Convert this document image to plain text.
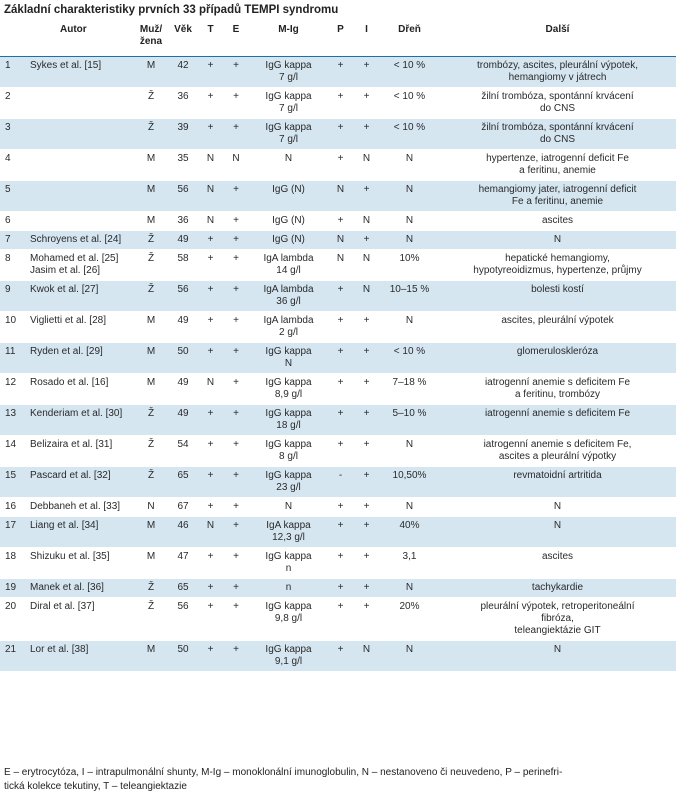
Základní charakteristiky prvních 33 případů TEMPI syndromu
	Autor	Muž/
žena	Věk	T	E	M-Ig	P	I	Dřeň	Další
1	Sykes et al. [15]	M	42	+	+	IgG kappa
7 g/l	+	+	< 10 %	trombózy, ascites, pleurální výpotek,
hemangiomy v játrech
2		Ž	36	+	+	IgG kappa
7 g/l	+	+	< 10 %	žilní trombóza, spontánní krvácení
do CNS
3		Ž	39	+	+	IgG kappa
7 g/l	+	+	< 10 %	žilní trombóza, spontánní krvácení
do CNS
4		M	35	N	N	N	+	N	N	hypertenze, iatrogenní deficit Fe
a feritinu, anemie
5		M	56	N	+	IgG (N)	N	+	N	hemangiomy jater, iatrogenní deficit
Fe a feritinu, anemie
6		M	36	N	+	IgG (N)	+	N	N	ascites
7	Schroyens et al. [24]	Ž	49	+	+	IgG (N)	N	+	N	N
8	Mohamed et al. [25]
Jasim et al. [26]	Ž	58	+	+	IgA lambda
14 g/l	N	N	10%	hepatické hemangiomy,
hypotyreoidizmus, hypertenze, průjmy
9	Kwok et al. [27]	Ž	56	+	+	IgA lambda
36 g/l	+	N	10–15 %	bolesti kostí
10	Viglietti et al. [28]	M	49	+	+	IgA lambda
2 g/l	+	+	N	ascites, pleurální výpotek
11	Ryden et al. [29]	M	50	+	+	IgG kappa
N	+	+	< 10 %	glomeruloskleróza
12	Rosado et al. [16]	M	49	N	+	IgG kappa
8,9 g/l	+	+	7–18 %	iatrogenní anemie s deficitem Fe
a feritinu, trombózy
13	Kenderiam et al. [30]	Ž	49	+	+	IgG kappa
18 g/l	+	+	5–10 %	iatrogenní anemie s deficitem Fe
14	Belizaira et al. [31]	Ž	54	+	+	IgG kappa
8 g/l	+	+	N	iatrogenní anemie s deficitem Fe,
ascites a pleurální výpotky
15	Pascard et al. [32]	Ž	65	+	+	IgG kappa
23 g/l	-	+	10,50%	revmatoidní artritida
16	Debbaneh et al. [33]	N	67	+	+	N	+	+	N	N
17	Liang et al. [34]	M	46	N	+	IgA kappa
12,3 g/l	+	+	40%	N
18	Shizuku et al. [35]	M	47	+	+	IgG kappa
n	+	+	3,1	ascites
19	Manek et al. [36]	Ž	65	+	+	n	+	+	N	tachykardie
20	Diral et al. [37]	Ž	56	+	+	IgG kappa
9,8 g/l	+	+	20%	pleurální výpotek, retroperitoneální
fibróza,
teleangiektázie GIT
21	Lor et al. [38]	M	50	+	+	IgG kappa
9,1 g/l	+	N	N	N
E – erytrocytóza, I – intrapulmonální shunty, M-Ig – monoklonální imunoglobulin, N – nestanoveno či neuvedeno, P – perinefri-
tická kolekce tekutiny, T – teleangiektazie
